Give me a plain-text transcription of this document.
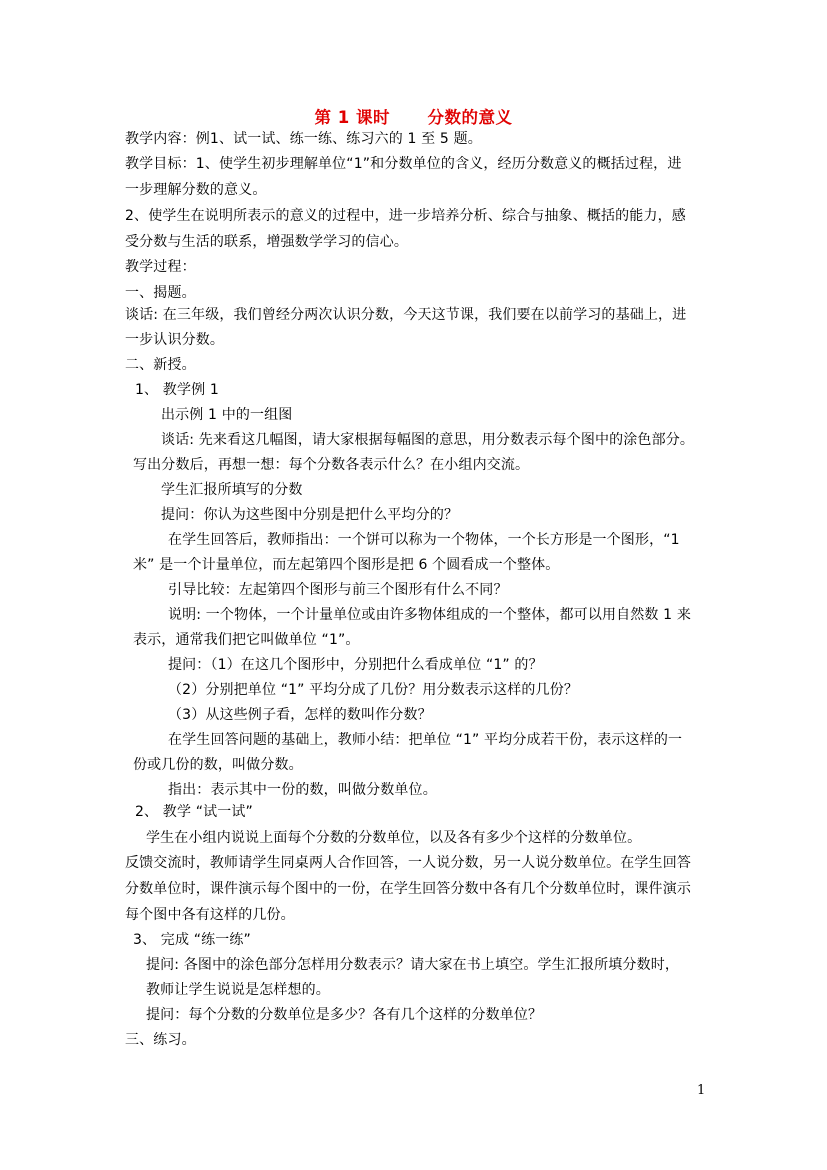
第 1 课时      分数的意义
教学内容：例1、试一试、练一练、练习六的 1 至 5 题。
教学目标：1、使学生初步理解单位“1”和分数单位的含义，经历分数意义的概括过程，进
一步理解分数的意义。
2、使学生在说明所表示的意义的过程中，进一步培养分析、综合与抽象、概括的能力，感
受分数与生活的联系，增强数学学习的信心。
教学过程：
一、揭题。
谈话: 在三年级，我们曾经分两次认识分数，今天这节课，我们要在以前学习的基础上，进
一步认识分数。
二、新授。
1、 教学例 1
出示例 1 中的一组图
谈话: 先来看这几幅图，请大家根据每幅图的意思，用分数表示每个图中的涂色部分。
写出分数后，再想一想：每个分数各表示什么？在小组内交流。
学生汇报所填写的分数
提问：你认为这些图中分别是把什么平均分的？
在学生回答后，教师指出：一个饼可以称为一个物体，一个长方形是一个图形，“1
米” 是一个计量单位，而左起第四个图形是把 6 个圆看成一个整体。
引导比较：左起第四个图形与前三个图形有什么不同？
说明: 一个物体，一个计量单位或由许多物体组成的一个整体，都可以用自然数 1 来
表示，通常我们把它叫做单位 “1”。
提问：（1）在这几个图形中，分别把什么看成单位 “1” 的？
（2）分别把单位 “1” 平均分成了几份？用分数表示这样的几份？
（3）从这些例子看，怎样的数叫作分数？
在学生回答问题的基础上，教师小结：把单位 “1” 平均分成若干份，表示这样的一
份或几份的数，叫做分数。
指出：表示其中一份的数，叫做分数单位。
2、 教学 “试一试”
学生在小组内说说上面每个分数的分数单位，以及各有多少个这样的分数单位。
反馈交流时，教师请学生同桌两人合作回答，一人说分数，另一人说分数单位。在学生回答
分数单位时，课件演示每个图中的一份，在学生回答分数中各有几个分数单位时，课件演示
每个图中各有这样的几份。
3、 完成 “练一练”
提问: 各图中的涂色部分怎样用分数表示？请大家在书上填空。学生汇报所填分数时，
教师让学生说说是怎样想的。
提问：每个分数的分数单位是多少？各有几个这样的分数单位？
三、练习。
1
